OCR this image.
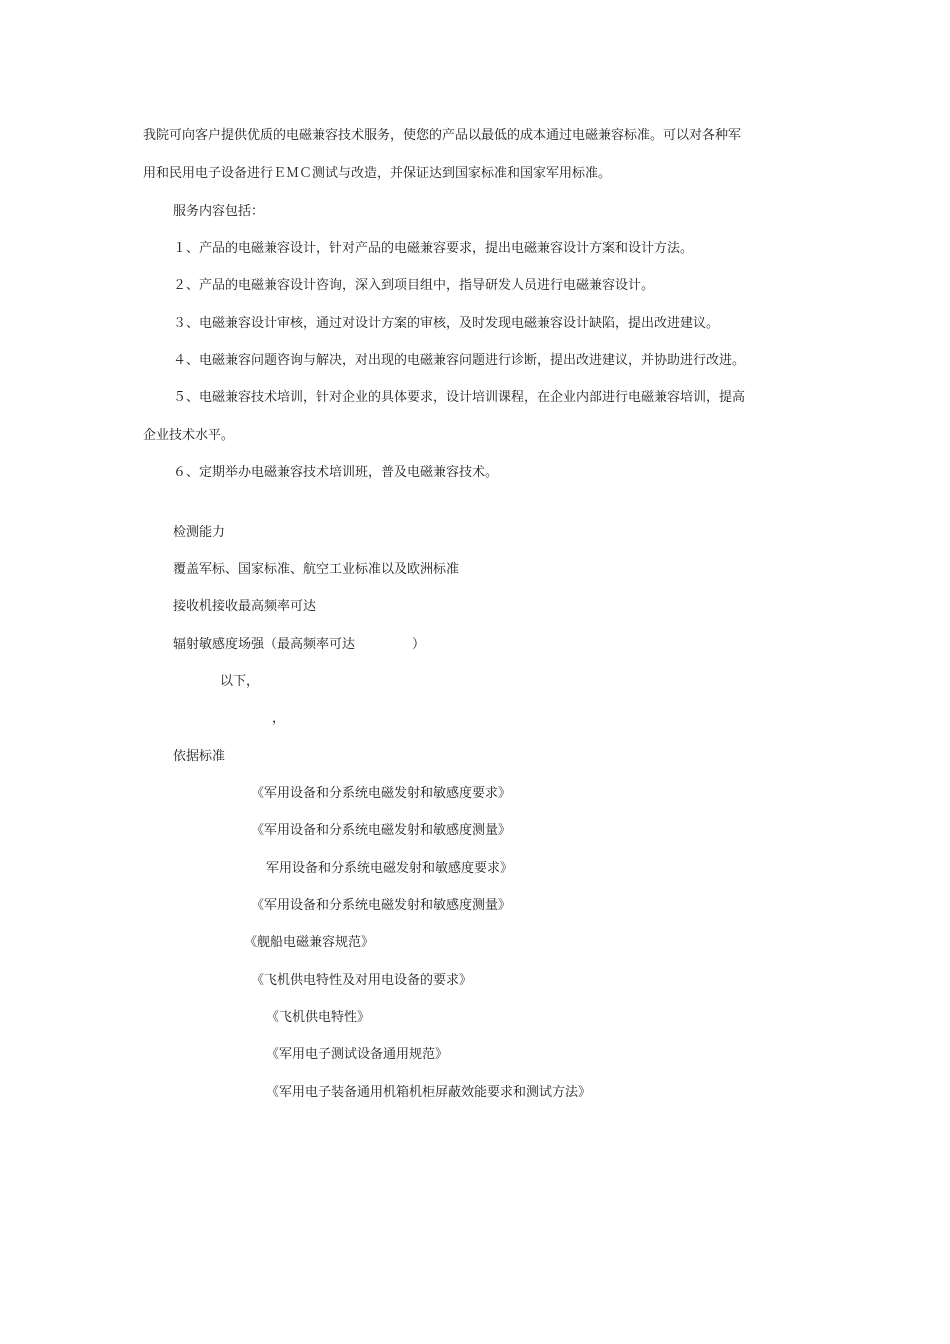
我院可向客户提供优质的电磁兼容技术服务，使您的产品以最低的成本通过电磁兼容标准。可以对各种军
用和民用电子设备进行ＥＭＣ测试与改造，并保证达到国家标准和国家军用标准。
服务内容包括：
１、产品的电磁兼容设计，针对产品的电磁兼容要求，提出电磁兼容设计方案和设计方法。
２、产品的电磁兼容设计咨询，深入到项目组中，指导研发人员进行电磁兼容设计。
３、电磁兼容设计审核，通过对设计方案的审核，及时发现电磁兼容设计缺陷，提出改进建议。
４、电磁兼容问题咨询与解决，对出现的电磁兼容问题进行诊断，提出改进建议，并协助进行改进。
５、电磁兼容技术培训，针对企业的具体要求，设计培训课程，在企业内部进行电磁兼容培训，提高
企业技术水平。
６、定期举办电磁兼容技术培训班，普及电磁兼容技术。
检测能力
覆盖军标、国家标准、航空工业标准以及欧洲标准
接收机接收最高频率可达
辐射敏感度场强（最高频率可达	）
以下，
，
依据标准
《军用设备和分系统电磁发射和敏感度要求》
《军用设备和分系统电磁发射和敏感度测量》
军用设备和分系统电磁发射和敏感度要求》
《军用设备和分系统电磁发射和敏感度测量》
《舰船电磁兼容规范》
《飞机供电特性及对用电设备的要求》
《飞机供电特性》
《军用电子测试设备通用规范》
《军用电子装备通用机箱机柜屏蔽效能要求和测试方法》
